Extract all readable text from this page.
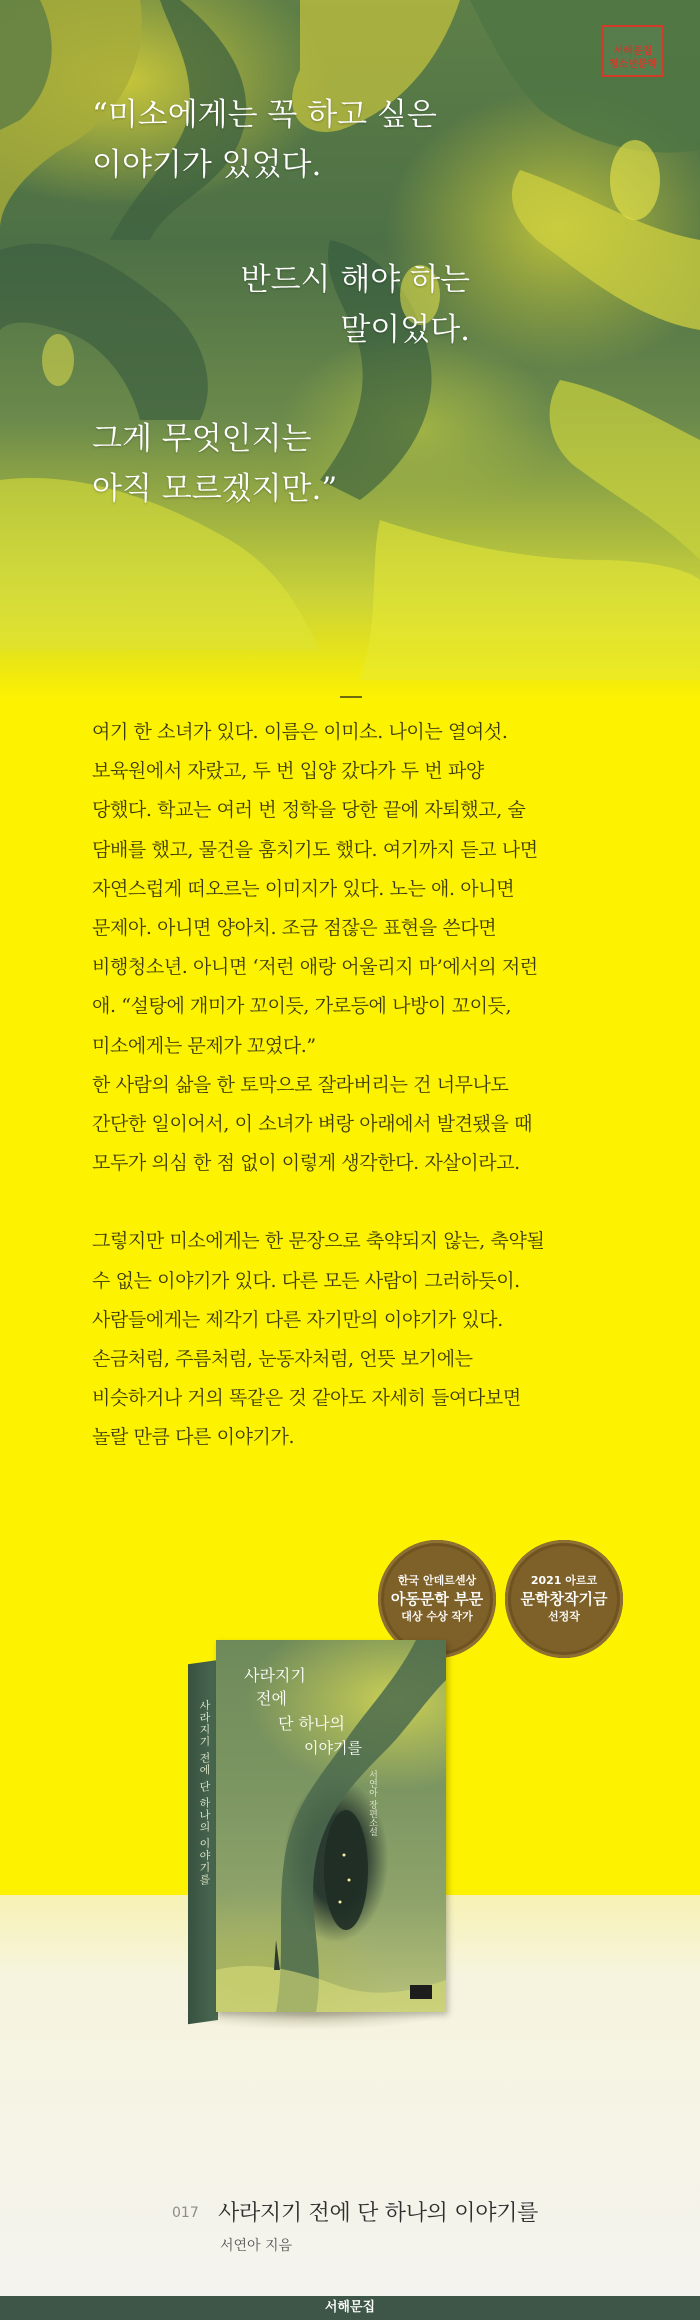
서해문집
청소년문학
“미소에게는 꼭 하고 싶은
이야기가 있었다.
반드시 해야 하는
말이었다.
그게 무엇인지는
아직 모르겠지만.”

여기 한 소녀가 있다. 이름은 이미소. 나이는 열여섯.

보육원에서 자랐고, 두 번 입양 갔다가 두 번 파양

당했다. 학교는 여러 번 정학을 당한 끝에 자퇴했고, 술

담배를 했고, 물건을 훔치기도 했다. 여기까지 듣고 나면

자연스럽게 떠오르는 이미지가 있다. 노는 애. 아니면

문제아. 아니면 양아치. 조금 점잖은 표현을 쓴다면

비행청소년. 아니면 ‘저런 애랑 어울리지 마’에서의 저런

애. “설탕에 개미가 꼬이듯, 가로등에 나방이 꼬이듯,

미소에게는 문제가 꼬였다.”

한 사람의 삶을 한 토막으로 잘라버리는 건 너무나도

간단한 일이어서, 이 소녀가 벼랑 아래에서 발견됐을 때

모두가 의심 한 점 없이 이렇게 생각한다. 자살이라고.

그렇지만 미소에게는 한 문장으로 축약되지 않는, 축약될

수 없는 이야기가 있다. 다른 모든 사람이 그러하듯이.

사람들에게는 제각기 다른 자기만의 이야기가 있다.

손금처럼, 주름처럼, 눈동자처럼, 언뜻 보기에는

비슷하거나 거의 똑같은 것 같아도 자세히 들여다보면

놀랄 만큼 다른 이야기가.

한국 안데르센상
아동문학 부문
대상 수상 작가
2021 아르코
문학창작기금
선정작
사라지기 전에 단 하나의 이야기를
사라지기
전에
단 하나의
이야기를
서연아 장편소설
017 사라지기 전에 단 하나의 이야기를
서연아 지음
서해문집
